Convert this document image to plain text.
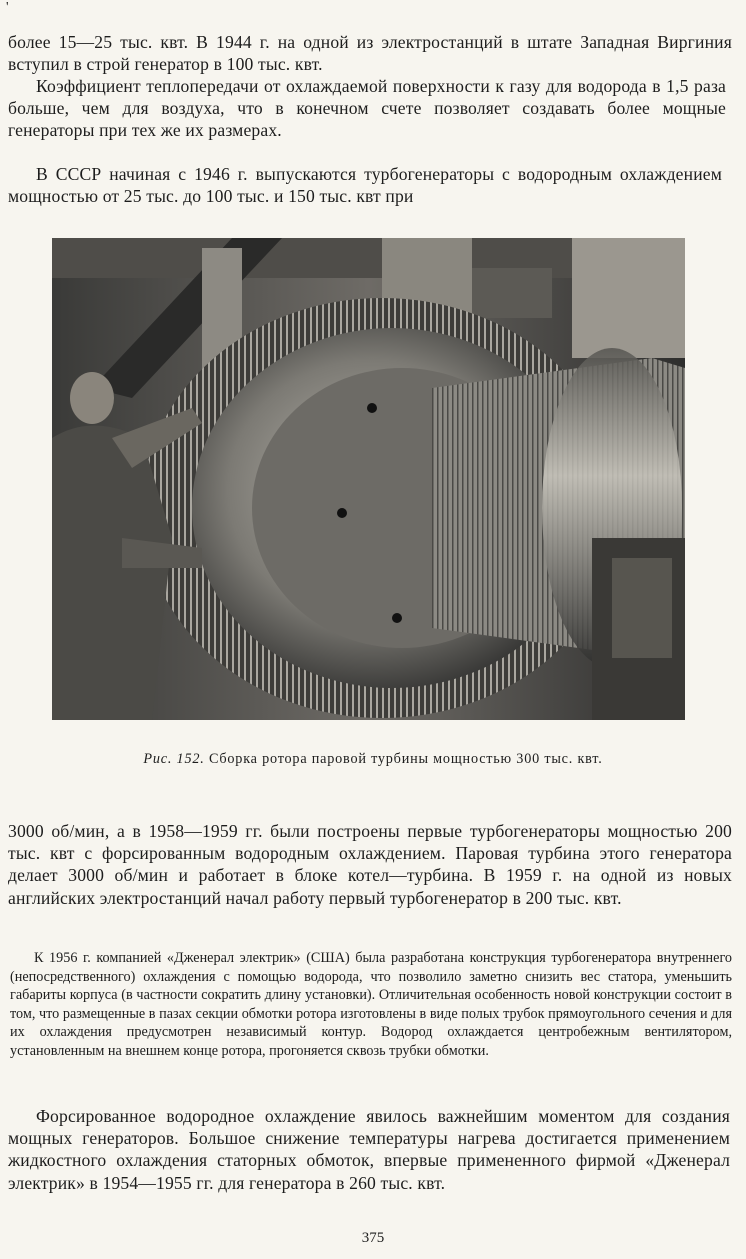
'

более 15—25 тыс. квт. В 1944 г. на одной из электростанций в штате Западная Виргиния вступил в строй генератор в 100 тыс. квт.

Коэффициент теплопередачи от охлаждаемой поверхности к газу для водорода в 1,5 раза больше, чем для воздуха, что в конечном счете позволяет создавать более мощные генераторы при тех же их размерах.

В СССР начиная с 1946 г. выпускаются турбогенераторы с водородным охлаждением мощностью от 25 тыс. до 100 тыс. и 150 тыс. квт при

Рис. 152. Сборка ротора паровой турбины мощностью 300 тыс. квт.

3000 об/мин, а в 1958—1959 гг. были построены первые турбогенераторы мощностью 200 тыс. квт с форсированным водородным охлаждением. Паровая турбина этого генератора делает 3000 об/мин и работает в блоке котел—турбина. В 1959 г. на одной из новых английских электростанций начал работу первый турбогенератор в 200 тыс. квт.

К 1956 г. компанией «Дженерал электрик» (США) была разработана конструкция турбогенератора внутреннего (непосредственного) охлаждения с помощью водорода, что позволило заметно снизить вес статора, уменьшить габариты корпуса (в частности сократить длину установки). Отличительная особенность новой конструкции состоит в том, что размещенные в пазах секции обмотки ротора изготовлены в виде полых трубок прямоугольного сечения и для их охлаждения предусмотрен независимый контур. Водород охлаждается центробежным вентилятором, установленным на внешнем конце ротора, прогоняется сквозь трубки обмотки.

Форсированное водородное охлаждение явилось важнейшим моментом для создания мощных генераторов. Большое снижение температуры нагрева достигается применением жидкостного охлаждения статорных обмоток, впервые примененного фирмой «Дженерал электрик» в 1954—1955 гг. для генератора в 260 тыс. квт.

375
